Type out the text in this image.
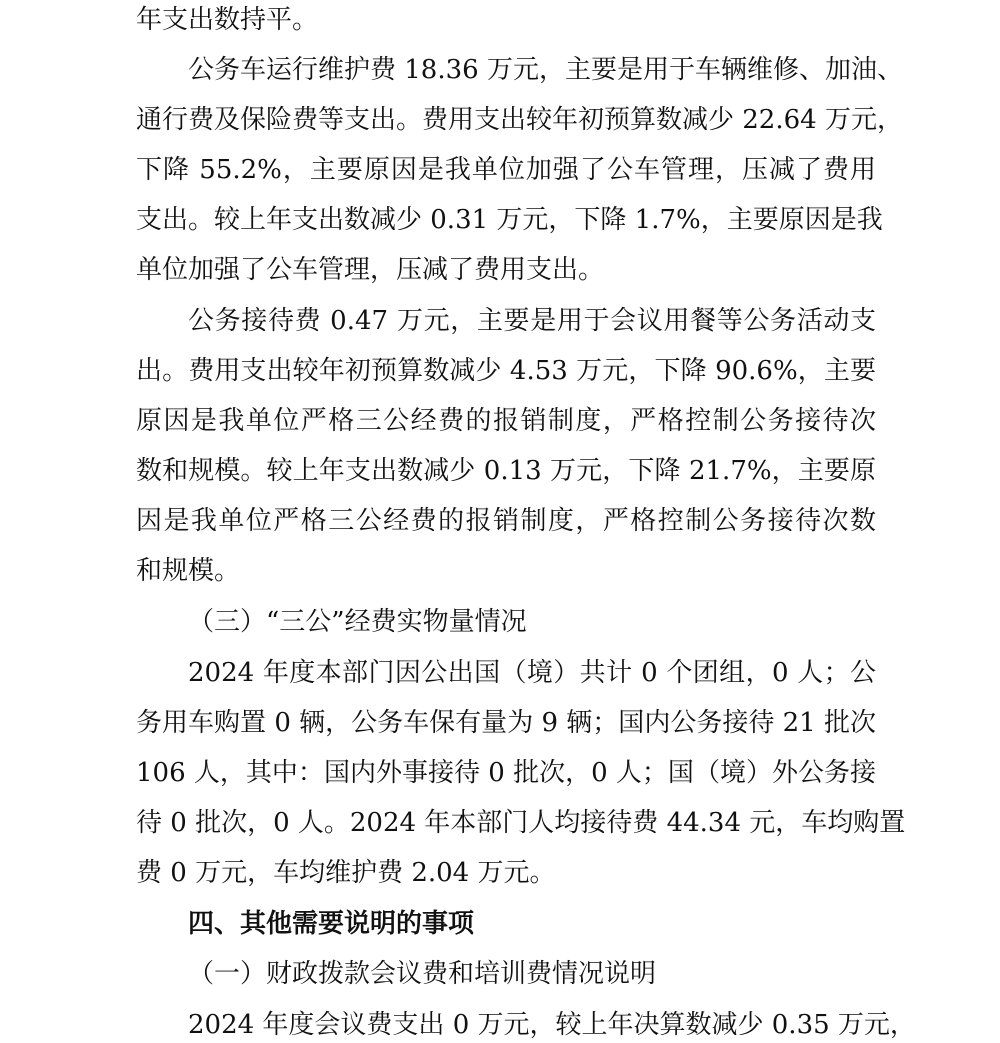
年支出数持平。
公务车运行维护费 18.36 万元，主要是用于车辆维修、加油、
通行费及保险费等支出。费用支出较年初预算数减少 22.64 万元，
下降 55.2%，主要原因是我单位加强了公车管理，压减了费用
支出。较上年支出数减少 0.31 万元，下降 1.7%，主要原因是我
单位加强了公车管理，压减了费用支出。
公务接待费 0.47 万元，主要是用于会议用餐等公务活动支
出。费用支出较年初预算数减少 4.53 万元，下降 90.6%，主要
原因是我单位严格三公经费的报销制度，严格控制公务接待次
数和规模。较上年支出数减少 0.13 万元，下降 21.7%，主要原
因是我单位严格三公经费的报销制度，严格控制公务接待次数
和规模。
（三）“三公”经费实物量情况
2024 年度本部门因公出国（境）共计 0 个团组，0 人；公
务用车购置 0 辆，公务车保有量为 9 辆；国内公务接待 21 批次
106 人，其中：国内外事接待 0 批次，0 人；国（境）外公务接
待 0 批次，0 人。2024 年本部门人均接待费 44.34 元，车均购置
费 0 万元，车均维护费 2.04 万元。
四、其他需要说明的事项
（一）财政拨款会议费和培训费情况说明
2024 年度会议费支出 0 万元，较上年决算数减少 0.35 万元，
